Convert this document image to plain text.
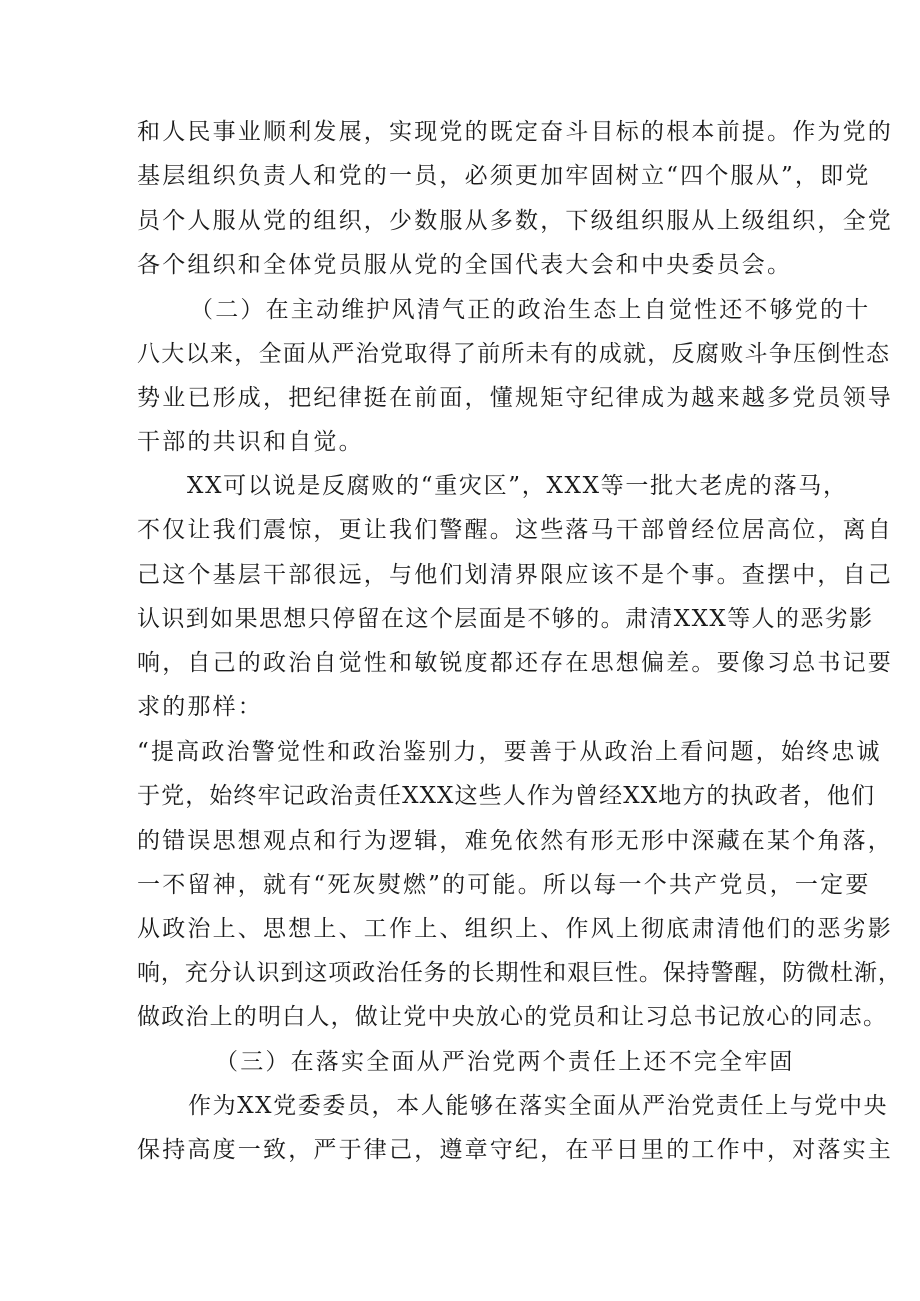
和人民事业顺利发展，实现党的既定奋斗目标的根本前提。作为党的
基层组织负责人和党的一员，必须更加牢固树立“四个服从”，即党
员个人服从党的组织，少数服从多数，下级组织服从上级组织，全党
各个组织和全体党员服从党的全国代表大会和中央委员会。
（二）在主动维护风清气正的政治生态上自觉性还不够党的十
八大以来，全面从严治党取得了前所未有的成就，反腐败斗争压倒性态
势业已形成，把纪律挺在前面，懂规矩守纪律成为越来越多党员领导
干部的共识和自觉。
XX可以说是反腐败的“重灾区”，XXX等一批大老虎的落马，
不仅让我们震惊，更让我们警醒。这些落马干部曾经位居高位，离自
己这个基层干部很远，与他们划清界限应该不是个事。查摆中，自己
认识到如果思想只停留在这个层面是不够的。肃清XXX等人的恶劣影
响，自己的政治自觉性和敏锐度都还存在思想偏差。要像习总书记要
求的那样：
“提高政治警觉性和政治鉴别力，要善于从政治上看问题，始终忠诚
于党，始终牢记政治责任XXX这些人作为曾经XX地方的执政者，他们
的错误思想观点和行为逻辑，难免依然有形无形中深藏在某个角落，
一不留神，就有“死灰熨燃”的可能。所以每一个共产党员，一定要
从政治上、思想上、工作上、组织上、作风上彻底肃清他们的恶劣影
响，充分认识到这项政治任务的长期性和艰巨性。保持警醒，防微杜渐，
做政治上的明白人，做让党中央放心的党员和让习总书记放心的同志。
（三）在落实全面从严治党两个责任上还不完全牢固
作为XX党委委员，本人能够在落实全面从严治党责任上与党中央
保持高度一致，严于律己，遵章守纪，在平日里的工作中，对落实主
